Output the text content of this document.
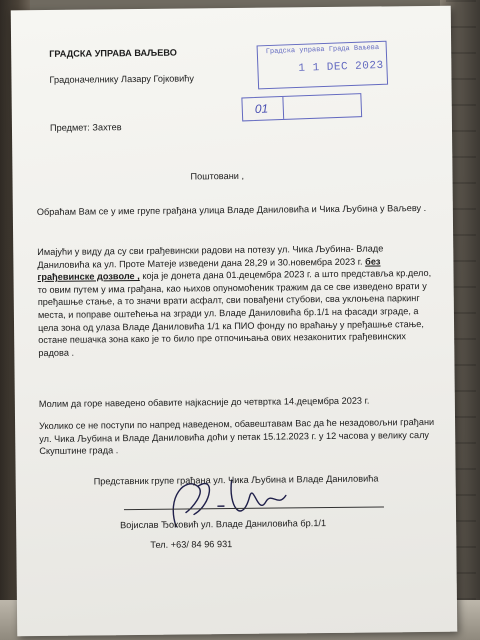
ГРАДСКА УПРАВА ВАЉЕВО
Градоначелнику Лазару Гојковићу
Предмет: Захтев
Градска управа Града Ваљева
1 1 DEC 2023
01
Поштовани ,
Обраћам Вам се у име групе грађана улица Владе Даниловића и Чика Љубина у Ваљеву .
Имајући у виду да су сви грађевински радови на потезу ул. Чика Љубина- Владе Даниловића ка ул. Проте Матеје изведени дана 28,29 и 30.новембра 2023 г. без грађевинске дозволе , која је донета дана 01.децембра 2023 г. а што представља кр.дело, то овим путем у има грађана, као њихов опуномоћеник тражим да се све изведено врати у пређашње стање, а то значи врати асфалт, сви повађени стубови, сва уклоњена паркинг места, и поправе оштећења на згради ул. Владе Даниловића бр.1/1 на фасади зграде, а цела зона од улаза Владе Даниловића 1/1 ка ПИО фонду по враћању у пређашње стање, остане пешачка зона како је то било пре отпочињања ових незаконитих грађевинских радова .
Молим да горе наведено обавите најкасније до четвртка 14.децембра 2023 г.
Уколико се не поступи по напред наведеном, обавештавам Вас да ће незадовољни грађани ул. Чика Љубина и Владе Даниловића доћи у петак 15.12.2023 г. у 12 часова у велику салу Скупштине града .
Представник групе грађана ул. Чика Љубина и Владе Даниловића
Војислав Ђоковић ул. Владе Даниловића бр.1/1
Тел. +63/ 84 96 931
